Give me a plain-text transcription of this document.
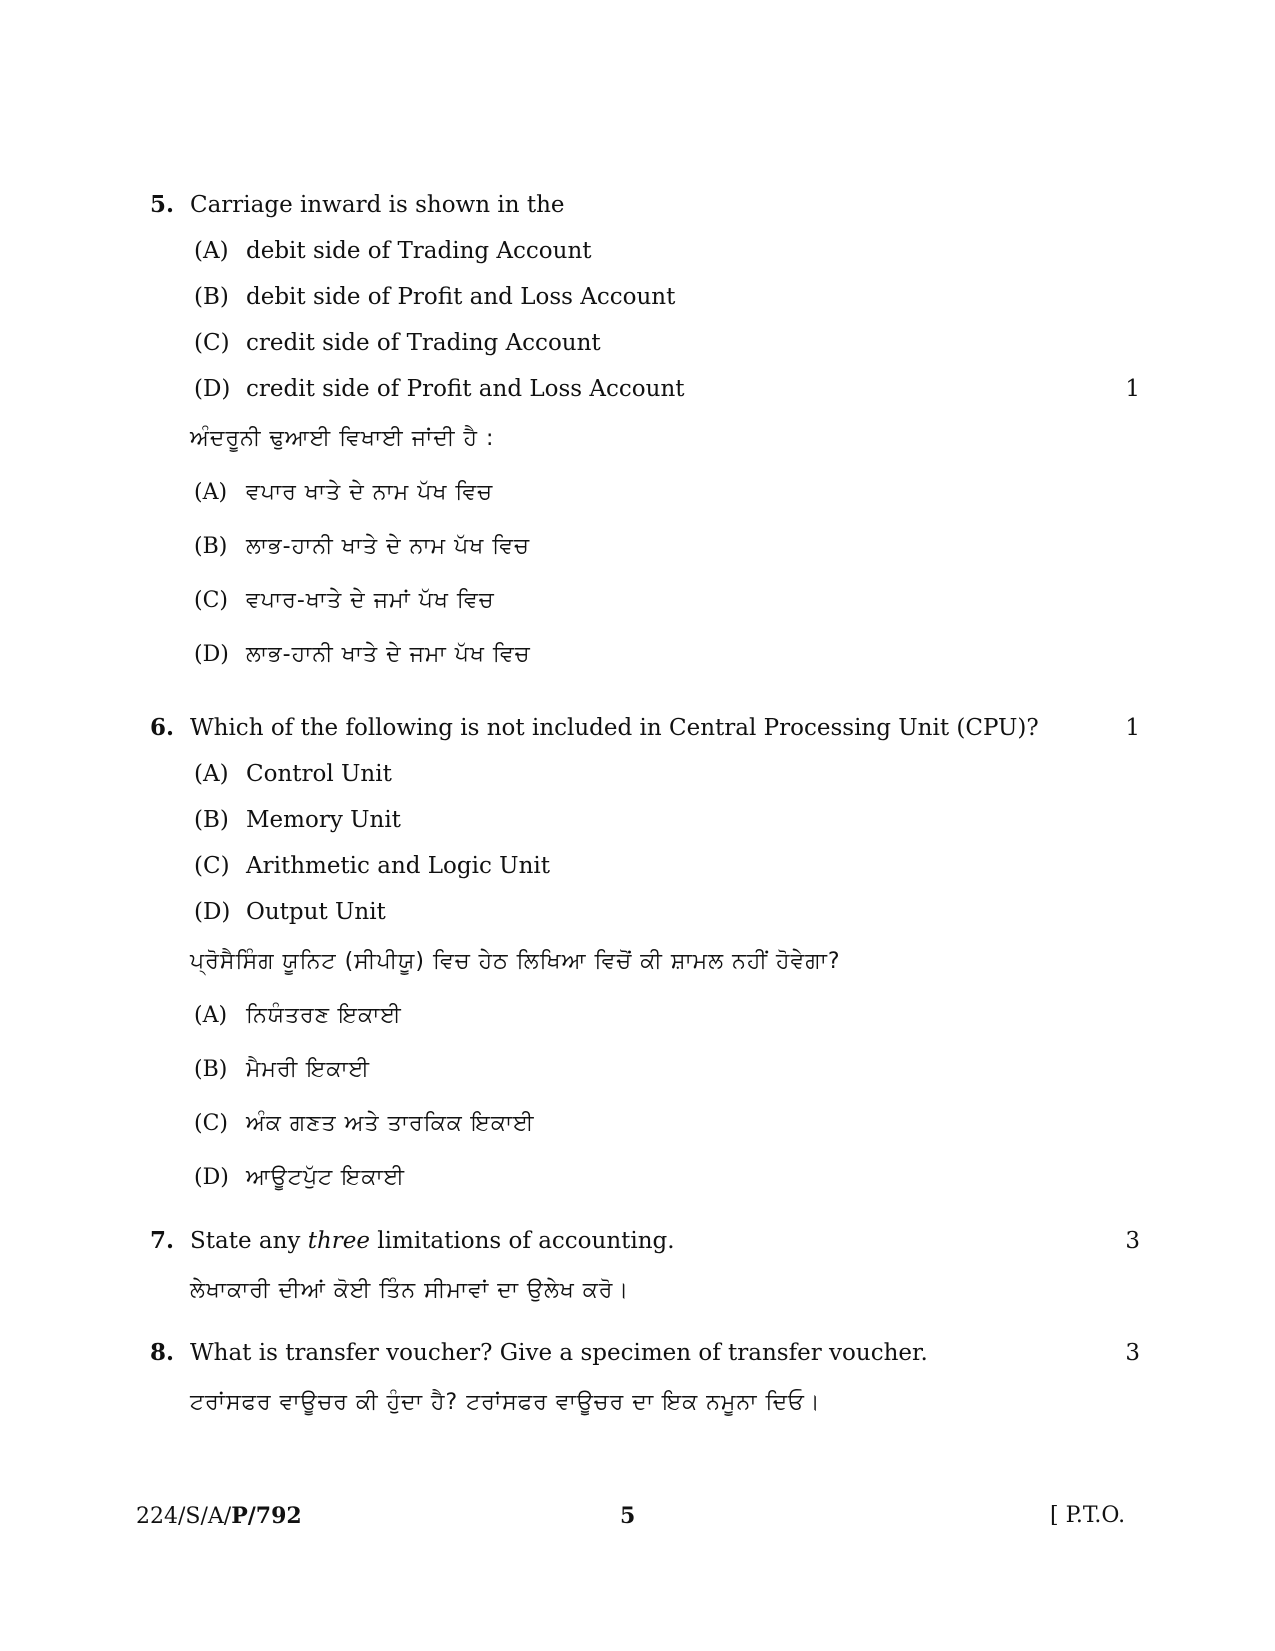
5. Carriage inward is shown in the
(A) debit side of Trading Account
(B) debit side of Profit and Loss Account
(C) credit side of Trading Account
(D) credit side of Profit and Loss Account	1
ਅੰਦਰੂਨੀ ਢੁਆਈ ਵਿਖਾਈ ਜਾਂਦੀ ਹੈ :
(A) ਵਪਾਰ ਖਾਤੇ ਦੇ ਨਾਮ ਪੱਖ ਵਿਚ
(B) ਲਾਭ-ਹਾਨੀ ਖਾਤੇ ਦੇ ਨਾਮ ਪੱਖ ਵਿਚ
(C) ਵਪਾਰ-ਖਾਤੇ ਦੇ ਜਮਾਂ ਪੱਖ ਵਿਚ
(D) ਲਾਭ-ਹਾਨੀ ਖਾਤੇ ਦੇ ਜਮਾ ਪੱਖ ਵਿਚ
6. Which of the following is not included in Central Processing Unit (CPU)?	1
(A) Control Unit
(B) Memory Unit
(C) Arithmetic and Logic Unit
(D) Output Unit
ਪ੍ਰੋਸੈਸਿੰਗ ਯੂਨਿਟ (ਸੀਪੀਯੂ) ਵਿਚ ਹੇਠ ਲਿਖਿਆ ਵਿਚੋਂ ਕੀ ਸ਼ਾਮਲ ਨਹੀਂ ਹੋਵੇਗਾ?
(A) ਨਿਯੰਤਰਣ ਇਕਾਈ
(B) ਮੈਮਰੀ ਇਕਾਈ
(C) ਅੰਕ ਗਣਤ ਅਤੇ ਤਾਰਕਿਕ ਇਕਾਈ
(D) ਆਊਟਪੁੱਟ ਇਕਾਈ
7. State any three limitations of accounting.	3
ਲੇਖਾਕਾਰੀ ਦੀਆਂ ਕੋਈ ਤਿੰਨ ਸੀਮਾਵਾਂ ਦਾ ਉਲੇਖ ਕਰੋ।
8. What is transfer voucher? Give a specimen of transfer voucher.	3
ਟਰਾਂਸਫਰ ਵਾਊਚਰ ਕੀ ਹੁੰਦਾ ਹੈ? ਟਰਾਂਸਫਰ ਵਾਊਚਰ ਦਾ ਇਕ ਨਮੂਨਾ ਦਿਓ।
224/S/A/P/792	5	[ P.T.O.
